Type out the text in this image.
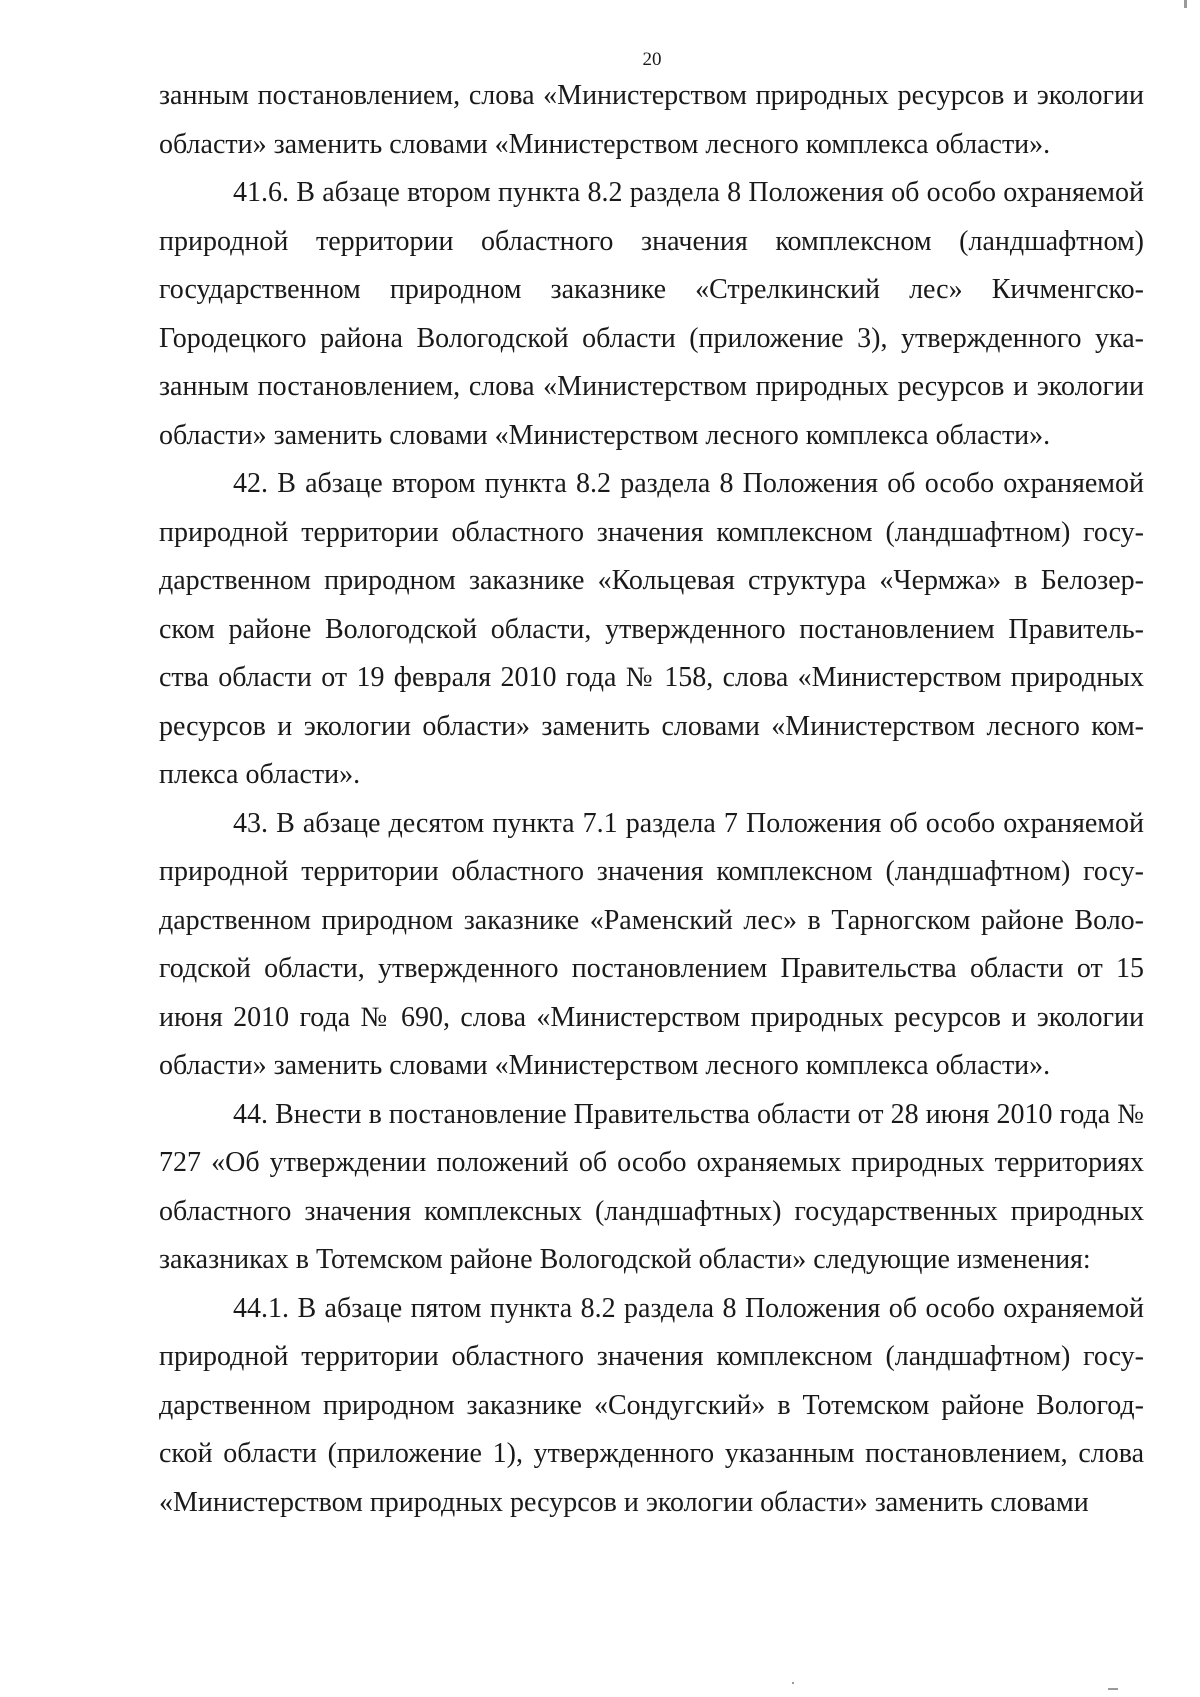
20

занным постановлением, слова «Министерством природных ресурсов и экологии области» заменить словами «Министерством лесного комплекса области».

41.6. В абзаце втором пункта 8.2 раздела 8 Положения об особо охраняемой природной территории областного значения комплексном (ландшафтном) государственном природном заказнике «Стрелкинский лес» Кичменгско-Городецкого района Вологодской области (приложение 3), утвержденного указанным постановлением, слова «Министерством природных ресурсов и экологии области» заменить словами «Министерством лесного комплекса области».

42. В абзаце втором пункта 8.2 раздела 8 Положения об особо охраняемой природной территории областного значения комплексном (ландшафтном) государственном природном заказнике «Кольцевая структура «Чермжа» в Белозерском районе Вологодской области, утвержденного постановлением Правительства области от 19 февраля 2010 года № 158, слова «Министерством природных ресурсов и экологии области» заменить словами «Министерством лесного комплекса области».

43. В абзаце десятом пункта 7.1 раздела 7 Положения об особо охраняемой природной территории областного значения комплексном (ландшафтном) государственном природном заказнике «Раменский лес» в Тарногском районе Вологодской области, утвержденного постановлением Правительства области от 15 июня 2010 года № 690, слова «Министерством природных ресурсов и экологии области» заменить словами «Министерством лесного комплекса области».

44. Внести в постановление Правительства области от 28 июня 2010 года № 727 «Об утверждении положений об особо охраняемых природных территориях областного значения комплексных (ландшафтных) государственных природных заказниках в Тотемском районе Вологодской области» следующие изменения:

44.1. В абзаце пятом пункта 8.2 раздела 8 Положения об особо охраняемой природной территории областного значения комплексном (ландшафтном) государственном природном заказнике «Сондугский» в Тотемском районе Вологодской области (приложение 1), утвержденного указанным постановлением, слова «Министерством природных ресурсов и экологии области» заменить словами
